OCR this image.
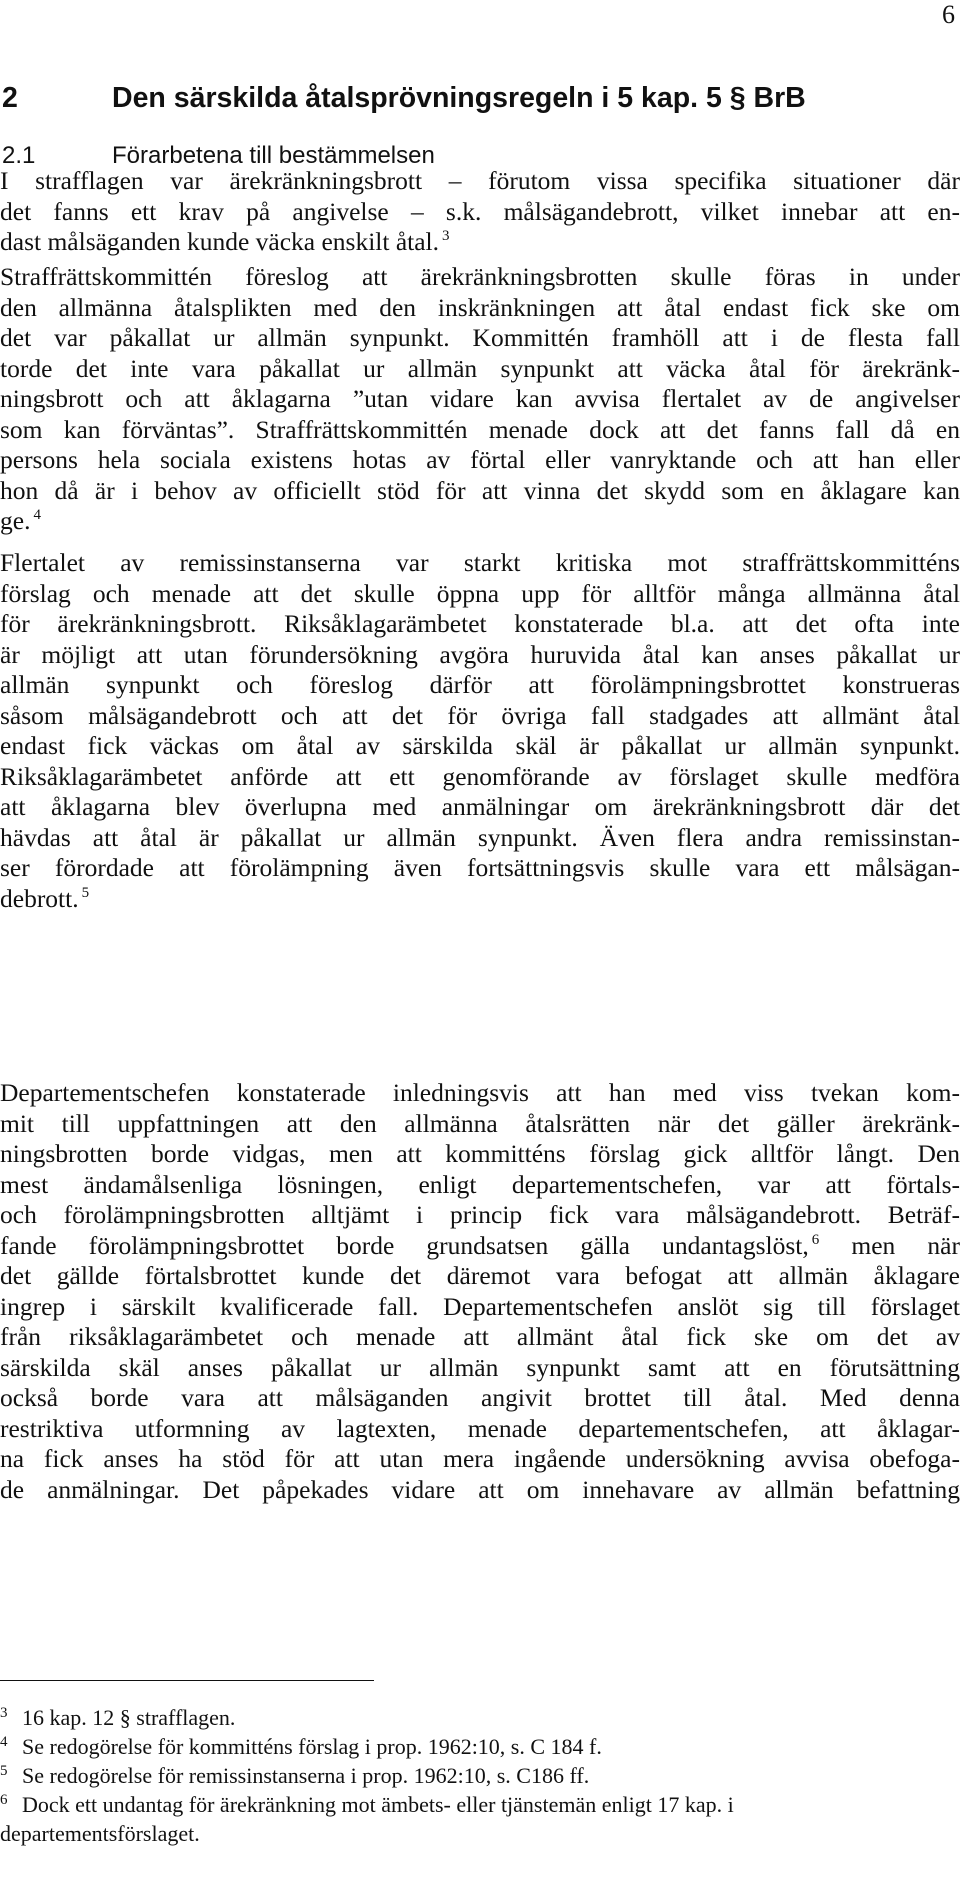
6
2	Den särskilda åtalsprövningsregeln i 5 kap. 5 § BrB
2.1	Förarbetena till bestämmelsen
I strafflagen var ärekränkningsbrott – förutom vissa specifika situationer där
det fanns ett krav på angivelse – s.k. målsägandebrott, vilket innebar att en-
dast målsäganden kunde väcka enskilt åtal. $^3$
Straffrättskommittén föreslog att ärekränkningsbrotten skulle föras in under
den allmänna åtalsplikten med den inskränkningen att åtal endast fick ske om
det var påkallat ur allmän synpunkt. Kommittén framhöll att i de flesta fall
torde det inte vara påkallat ur allmän synpunkt att väcka åtal för ärekränk-
ningsbrott och att åklagarna ”utan vidare kan avvisa flertalet av de angivelser
som kan förväntas”. Straffrättskommittén menade dock att det fanns fall då en
persons hela sociala existens hotas av förtal eller vanryktande och att han eller
hon då är i behov av officiellt stöd för att vinna det skydd som en åklagare kan
ge. $^4$
Flertalet av remissinstanserna var starkt kritiska mot straffrättskommitténs
förslag och menade att det skulle öppna upp för alltför många allmänna åtal
för ärekränkningsbrott. Riksåklagarämbetet konstaterade bl.a. att det ofta inte
är möjligt att utan förundersökning avgöra huruvida åtal kan anses påkallat ur
allmän synpunkt och föreslog därför att förolämpningsbrottet konstrueras
såsom målsägandebrott och att det för övriga fall stadgades att allmänt åtal
endast fick väckas om åtal av särskilda skäl är påkallat ur allmän synpunkt.
Riksåklagarämbetet anförde att ett genomförande av förslaget skulle medföra
att åklagarna blev överlupna med anmälningar om ärekränkningsbrott där det
hävdas att åtal är påkallat ur allmän synpunkt. Även flera andra remissinstan-
ser förordade att förolämpning även fortsättningsvis skulle vara ett målsägan-
debrott. $^5$
Departementschefen konstaterade inledningsvis att han med viss tvekan kom-
mit till uppfattningen att den allmänna åtalsrätten när det gäller ärekränk-
ningsbrotten borde vidgas, men att kommitténs förslag gick alltför långt. Den
mest ändamålsenliga lösningen, enligt departementschefen, var att förtals-
och förolämpningsbrotten alltjämt i princip fick vara målsägandebrott. Beträf-
fande förolämpningsbrottet borde grundsatsen gälla undantagslöst, $^6$ men när
det gällde förtalsbrottet kunde det däremot vara befogat att allmän åklagare
ingrep i särskilt kvalificerade fall. Departementschefen anslöt sig till förslaget
från riksåklagarämbetet och menade att allmänt åtal fick ske om det av
särskilda skäl anses påkallat ur allmän synpunkt samt att en förutsättning
också borde vara att målsäganden angivit brottet till åtal. Med denna
restriktiva utformning av lagtexten, menade departementschefen, att åklagar-
na fick anses ha stöd för att utan mera ingående undersökning avvisa obefoga-
de anmälningar. Det påpekades vidare att om innehavare av allmän befattning
3 16 kap. 12 § strafflagen.
4 Se redogörelse för kommitténs förslag i prop. 1962:10, s. C 184 f.
5 Se redogörelse för remissinstanserna i prop. 1962:10, s. C186 ff.
6 Dock ett undantag för ärekränkning mot ämbets- eller tjänstemän enligt 17 kap. i
departementsförslaget.
